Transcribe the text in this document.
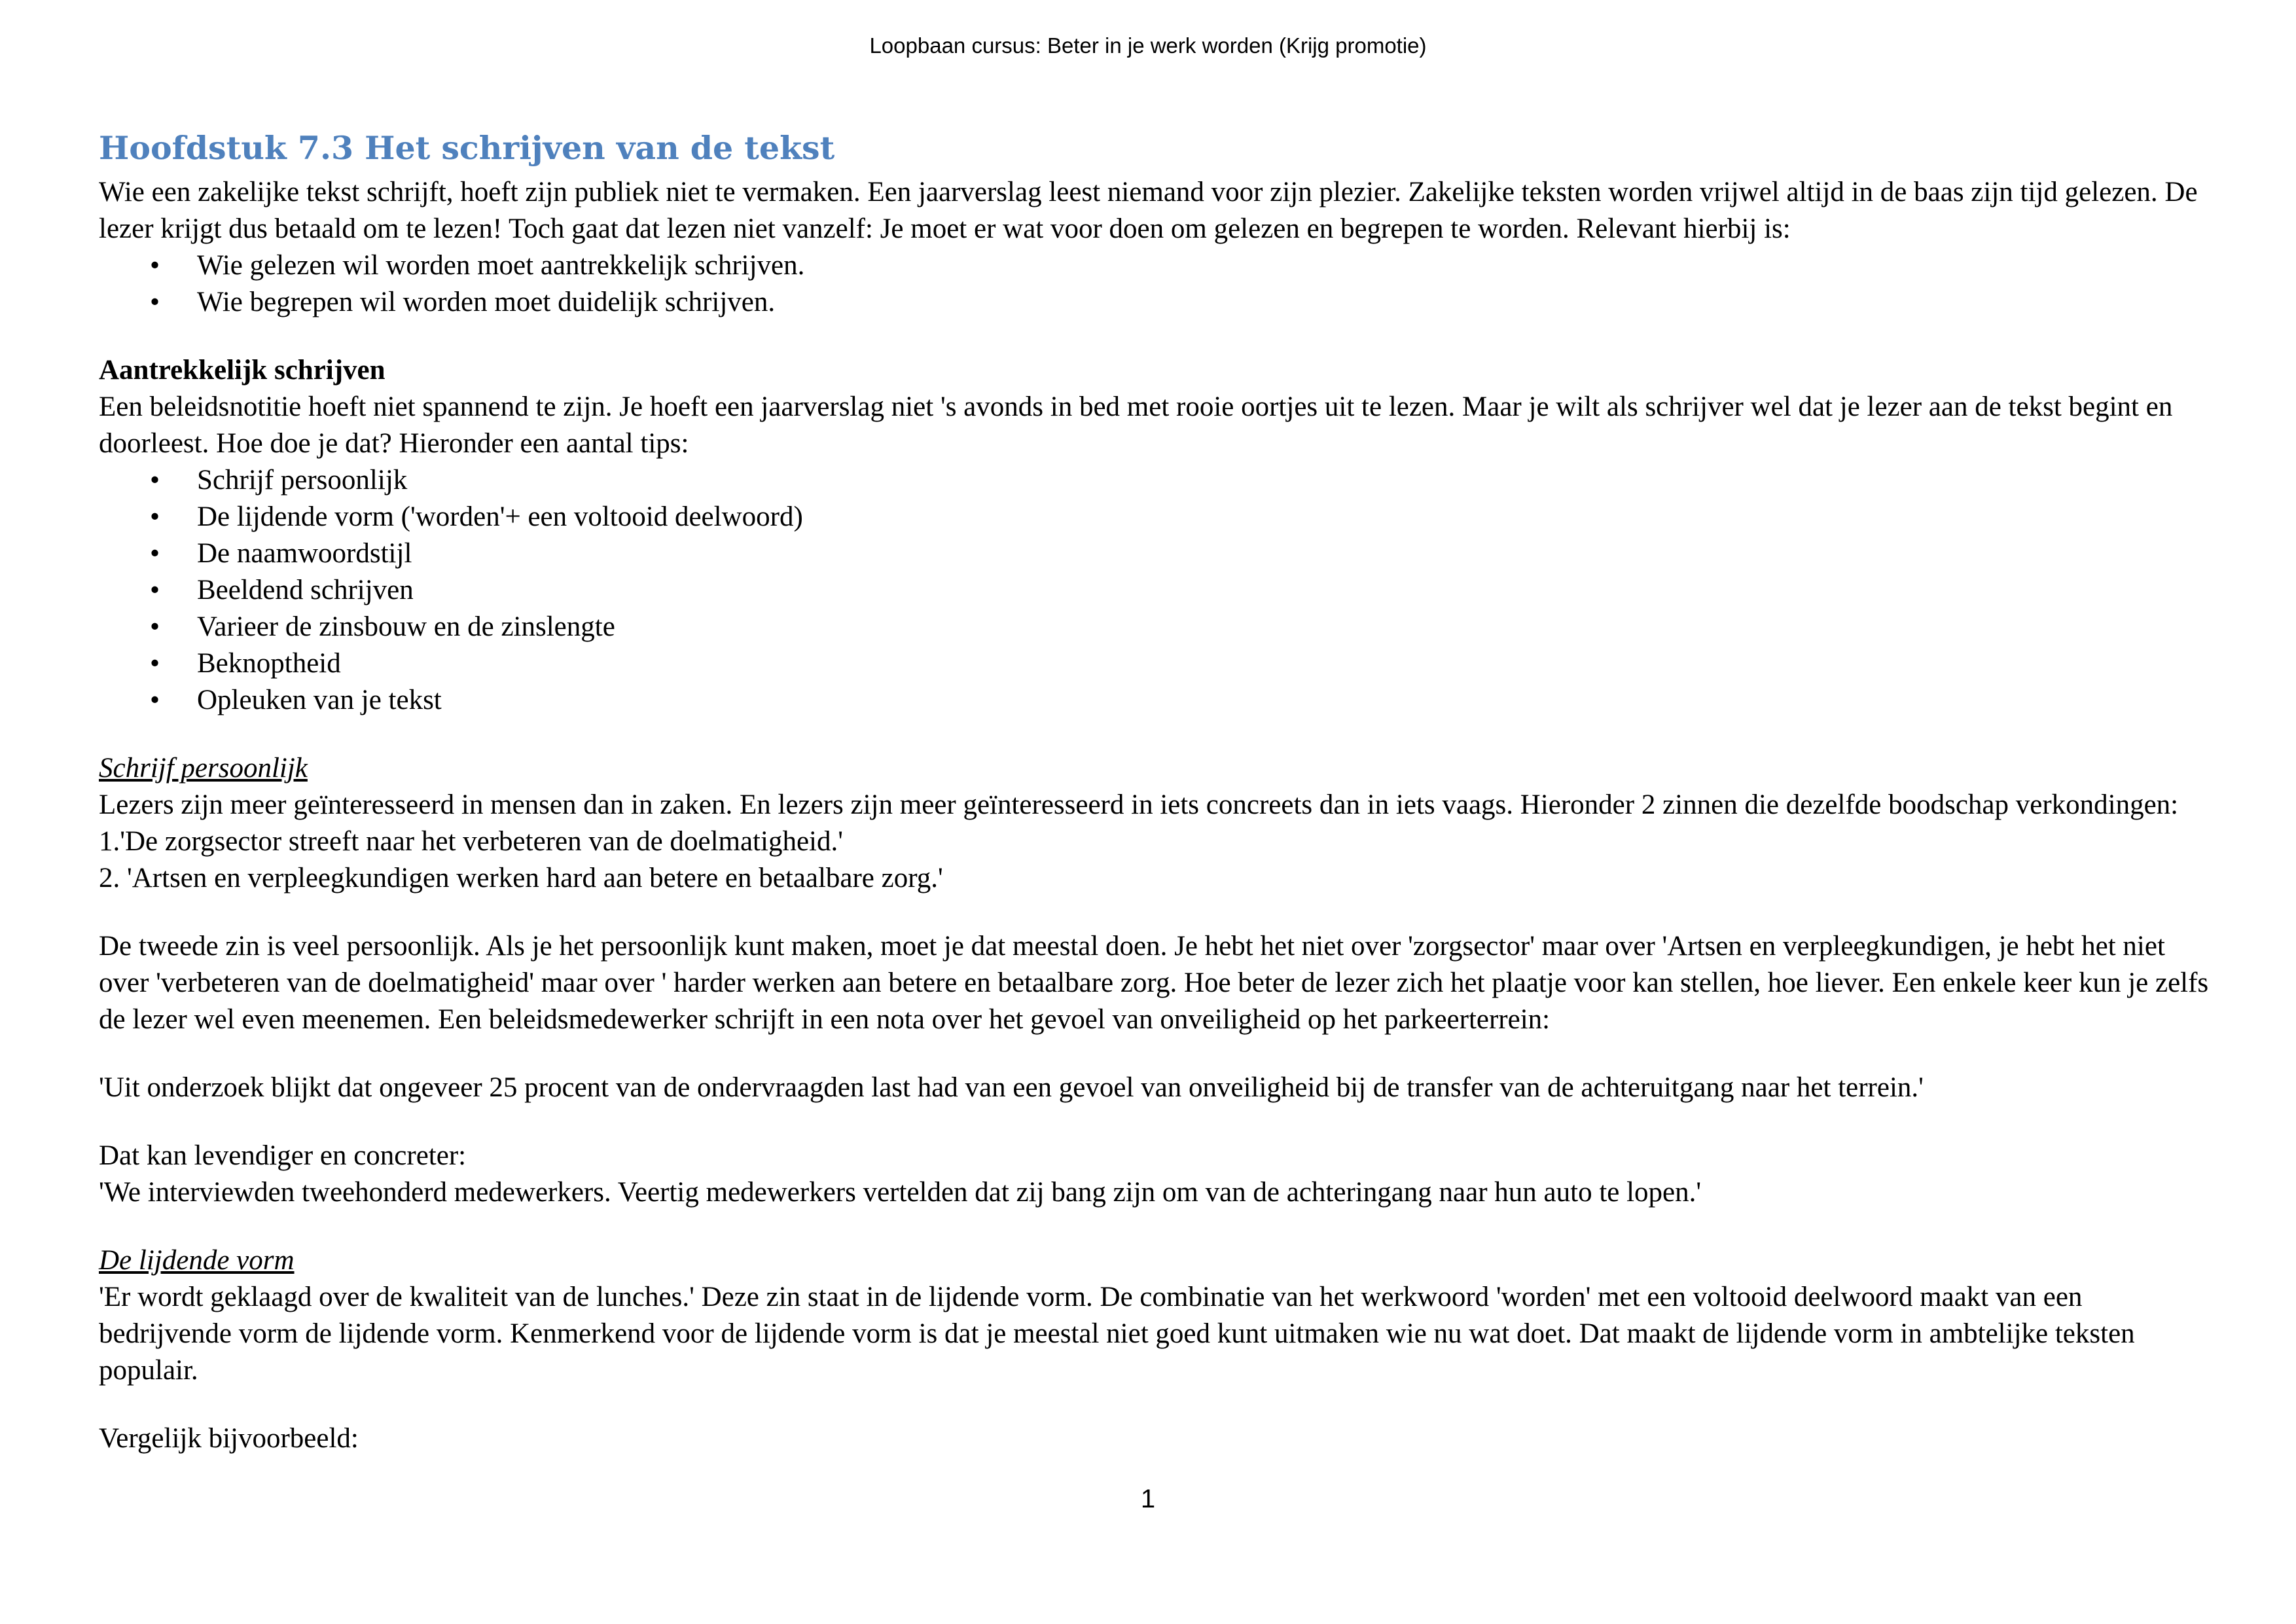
Loopbaan cursus: Beter in je werk worden (Krijg promotie)
Hoofdstuk 7.3 Het schrijven van de tekst

Wie een zakelijke tekst schrijft, hoeft zijn publiek niet te vermaken. Een jaarverslag leest niemand voor zijn plezier. Zakelijke teksten worden vrijwel altijd in de baas zijn tijd gelezen. De lezer krijgt dus betaald om te lezen! Toch gaat dat lezen niet vanzelf: Je moet er wat voor doen om gelezen en begrepen te worden. Relevant hierbij is:

• Wie gelezen wil worden moet aantrekkelijk schrijven.
• Wie begrepen wil worden moet duidelijk schrijven.

Aantrekkelijk schrijven

Een beleidsnotitie hoeft niet spannend te zijn. Je hoeft een jaarverslag niet 's avonds in bed met rooie oortjes uit te lezen. Maar je wilt als schrijver wel dat je lezer aan de tekst begint en doorleest. Hoe doe je dat? Hieronder een aantal tips:

• Schrijf persoonlijk
• De lijdende vorm ('worden'+ een voltooid deelwoord)
• De naamwoordstijl
• Beeldend schrijven
• Varieer de zinsbouw en de zinslengte
• Beknoptheid
• Opleuken van je tekst

Schrijf persoonlijk

Lezers zijn meer geïnteresseerd in mensen dan in zaken. En lezers zijn meer geïnteresseerd in iets concreets dan in iets vaags. Hieronder 2 zinnen die dezelfde boodschap verkondingen:

1.'De zorgsector streeft naar het verbeteren van de doelmatigheid.'

2. 'Artsen en verpleegkundigen werken hard aan betere en betaalbare zorg.'

De tweede zin is veel persoonlijk. Als je het persoonlijk kunt maken, moet je dat meestal doen. Je hebt het niet over 'zorgsector' maar over 'Artsen en verpleegkundigen, je hebt het niet over 'verbeteren van de doelmatigheid' maar over ' harder werken aan betere en betaalbare zorg. Hoe beter de lezer zich het plaatje voor kan stellen, hoe liever. Een enkele keer kun je zelfs de lezer wel even meenemen. Een beleidsmedewerker schrijft in een nota over het gevoel van onveiligheid op het parkeerterrein:

'Uit onderzoek blijkt dat ongeveer 25 procent van de ondervraagden last had van een gevoel van onveiligheid bij de transfer van de achteruitgang naar het terrein.'

Dat kan levendiger en concreter:

'We interviewden tweehonderd medewerkers. Veertig medewerkers vertelden dat zij bang zijn om van de achteringang naar hun auto te lopen.'

De lijdende vorm

'Er wordt geklaagd over de kwaliteit van de lunches.' Deze zin staat in de lijdende vorm. De combinatie van het werkwoord 'worden' met een voltooid deelwoord maakt van een bedrijvende vorm de lijdende vorm. Kenmerkend voor de lijdende vorm is dat je meestal niet goed kunt uitmaken wie nu wat doet. Dat maakt de lijdende vorm in ambtelijke teksten populair.

Vergelijk bijvoorbeeld:

1
